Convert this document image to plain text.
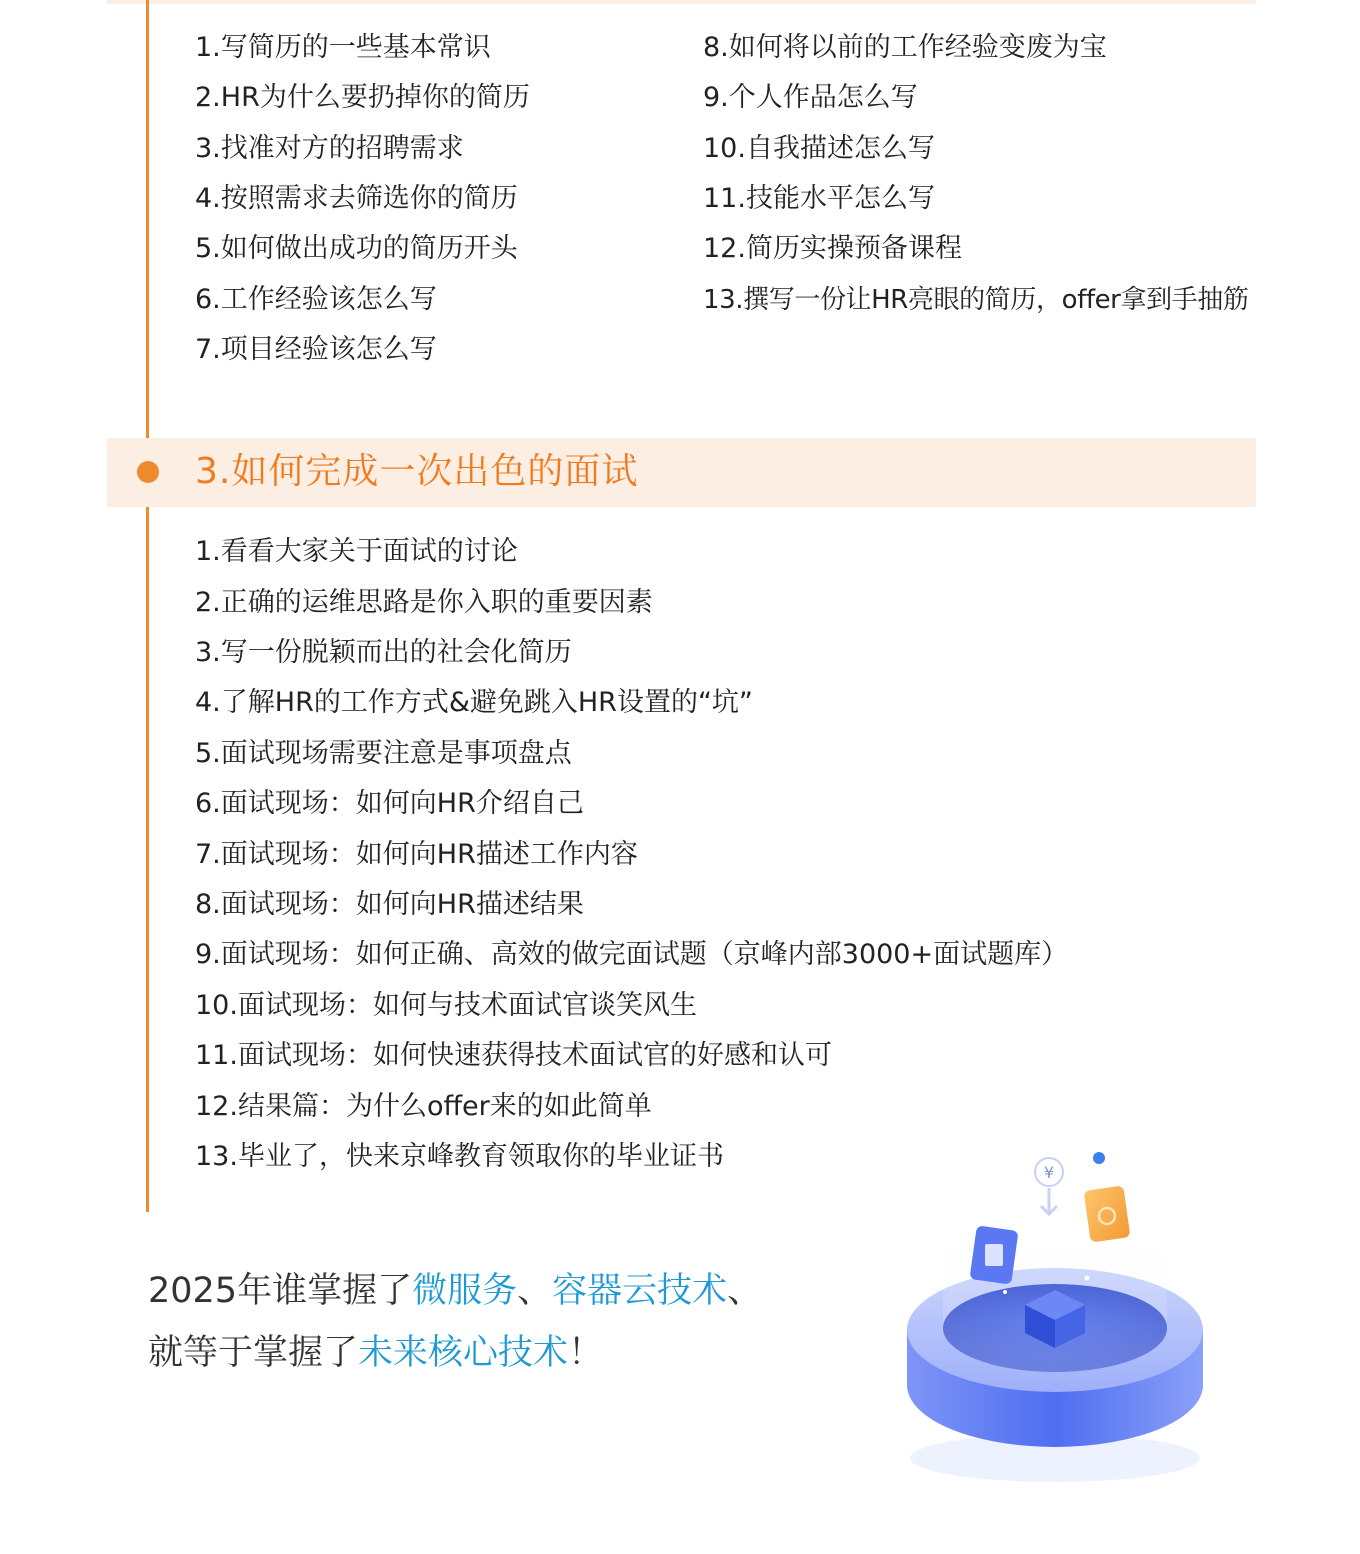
1.写简历的一些基本常识
2.HR为什么要扔掉你的简历
3.找准对方的招聘需求
4.按照需求去筛选你的简历
5.如何做出成功的简历开头
6.工作经验该怎么写
7.项目经验该怎么写
8.如何将以前的工作经验变废为宝
9.个人作品怎么写
10.自我描述怎么写
11.技能水平怎么写
12.简历实操预备课程
13.撰写一份让HR亮眼的简历，offer拿到手抽筋
3.如何完成一次出色的面试
1.看看大家关于面试的讨论
2.正确的运维思路是你入职的重要因素
3.写一份脱颖而出的社会化简历
4.了解HR的工作方式&避免跳入HR设置的“坑”
5.面试现场需要注意是事项盘点
6.面试现场：如何向HR介绍自己
7.面试现场：如何向HR描述工作内容
8.面试现场：如何向HR描述结果
9.面试现场：如何正确、高效的做完面试题（京峰内部3000+面试题库）
10.面试现场：如何与技术面试官谈笑风生
11.面试现场：如何快速获得技术面试官的好感和认可
12.结果篇：为什么offer来的如此简单
13.毕业了，快来京峰教育领取你的毕业证书
2025年谁掌握了微服务、容器云技术、
就等于掌握了未来核心技术！
¥
